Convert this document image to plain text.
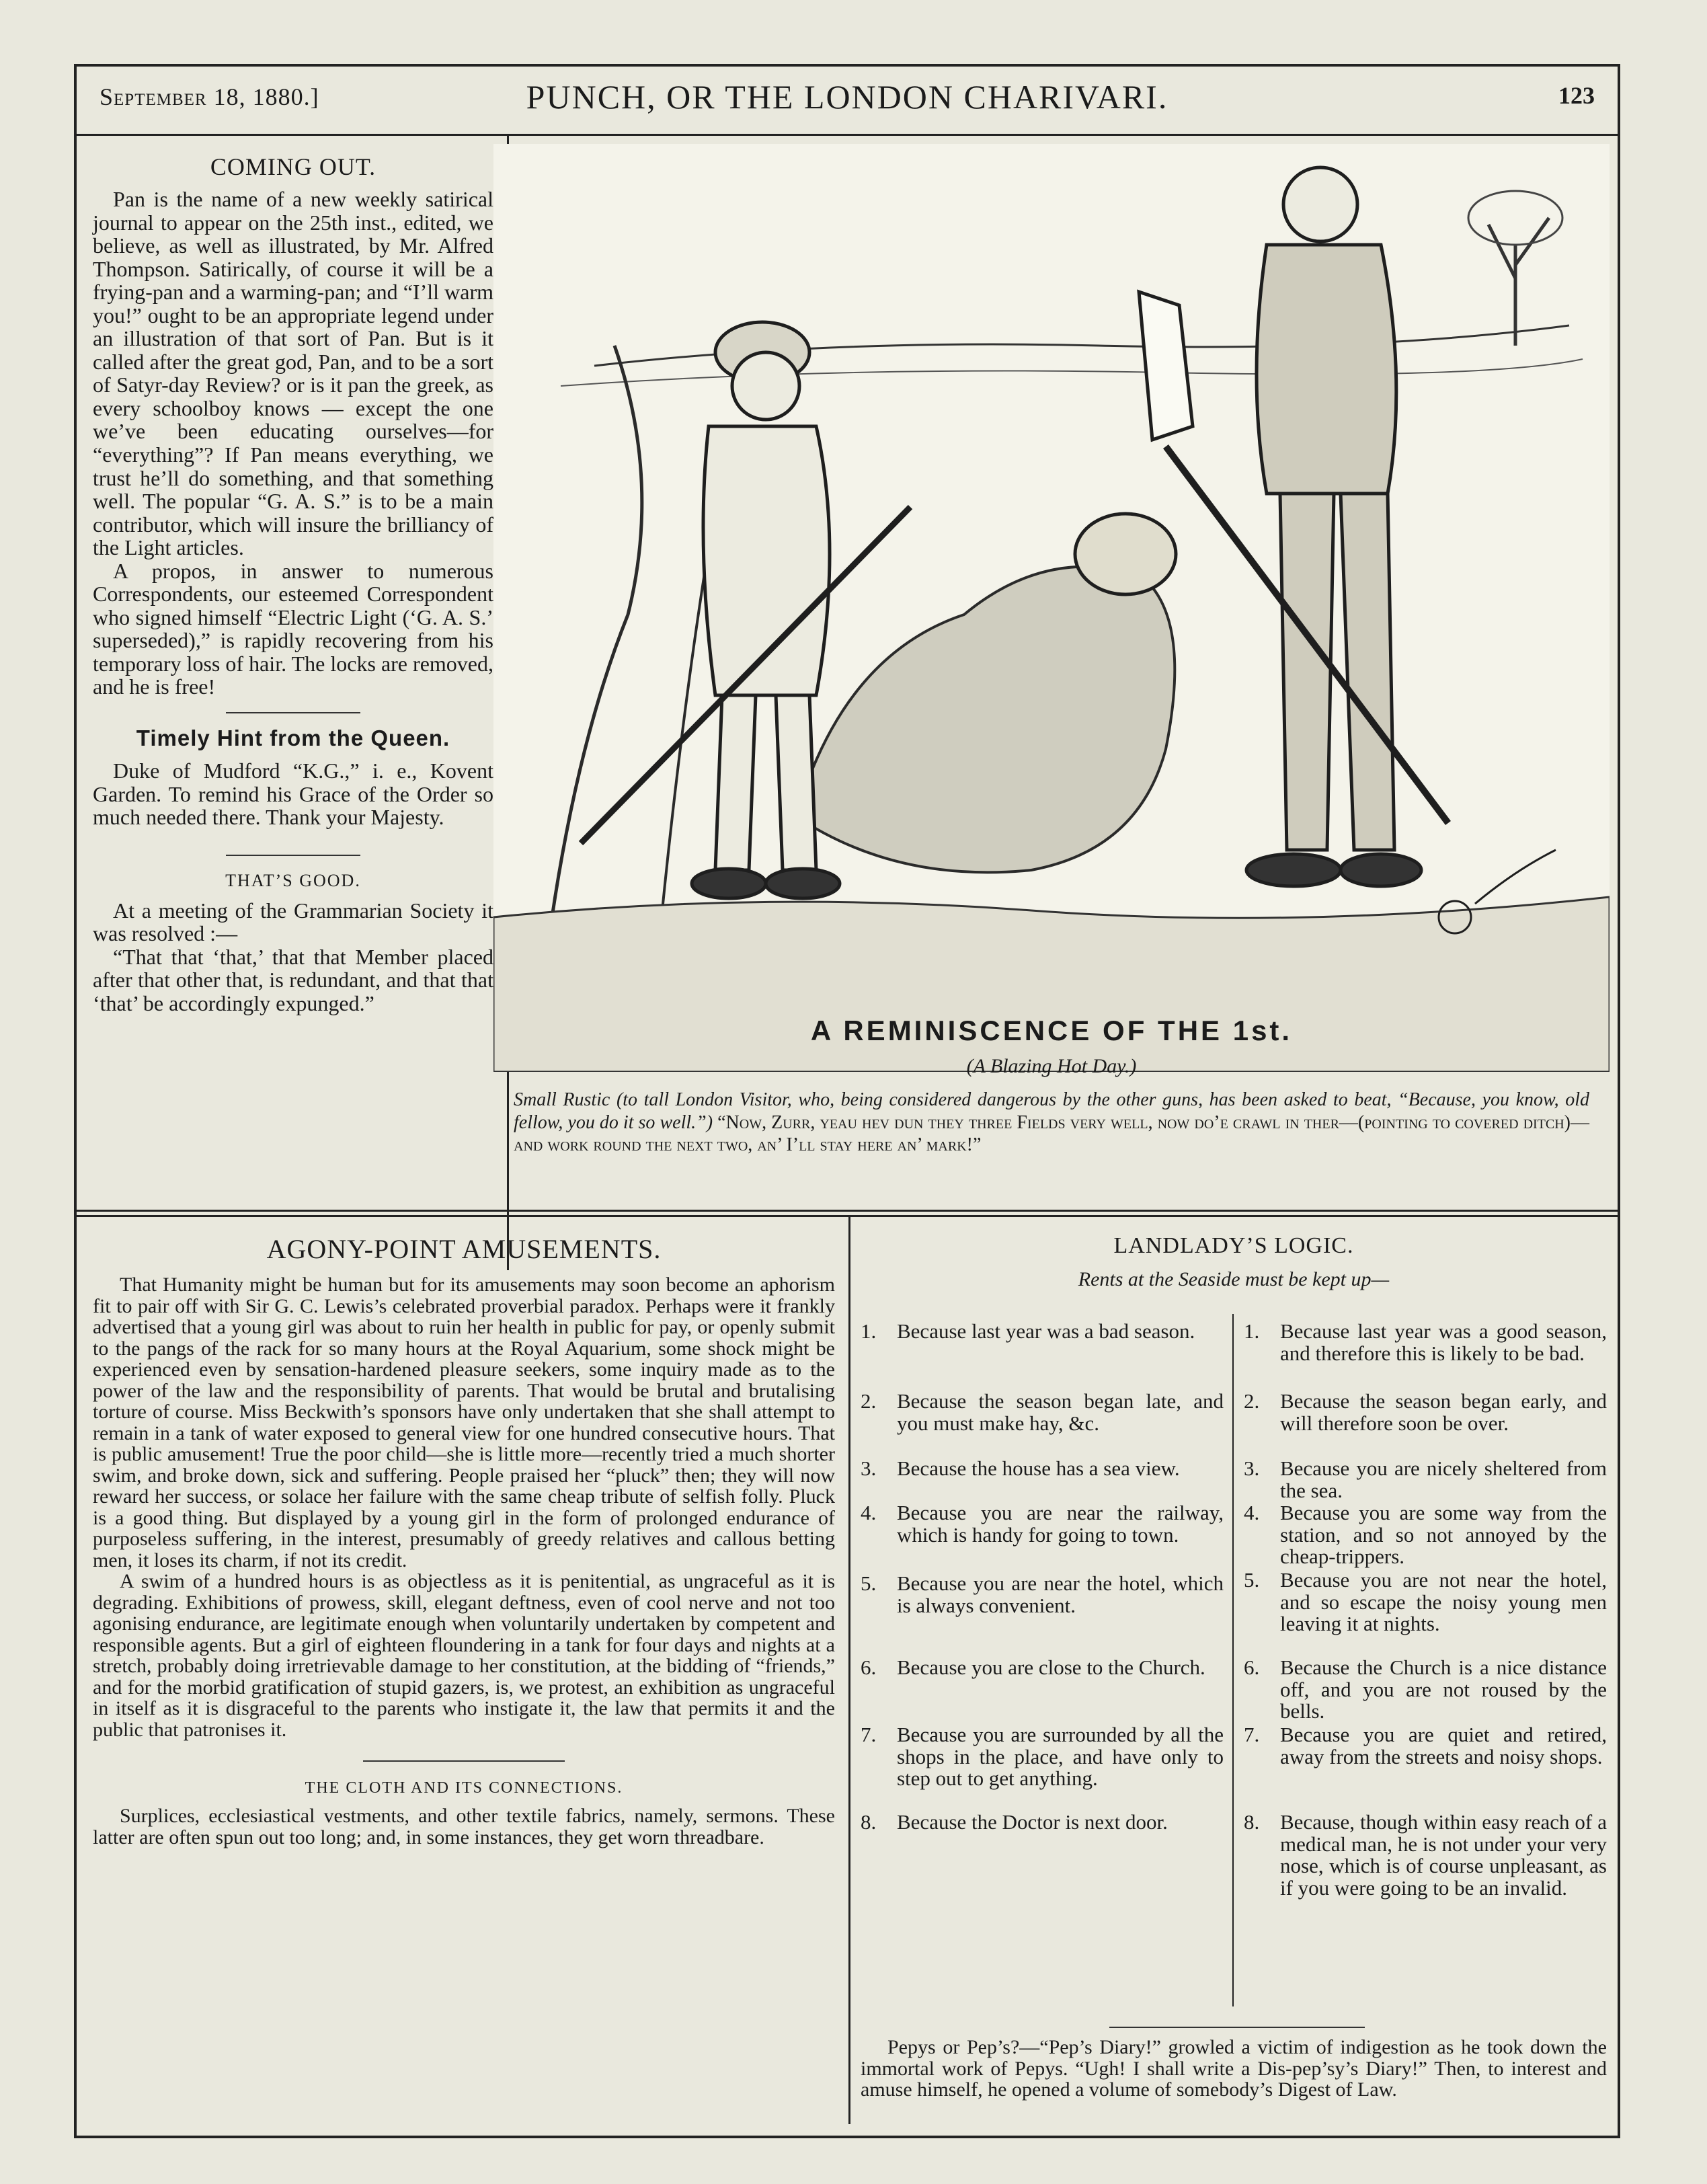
September 18, 1880.]	PUNCH, OR THE LONDON CHARIVARI.	123
COMING OUT.

Pan is the name of a new weekly satirical journal to appear on the 25th inst., edited, we believe, as well as illustrated, by Mr. Alfred Thompson. Satirically, of course it will be a frying-pan and a warming-pan; and “I’ll warm you!” ought to be an appropriate legend under an illustration of that sort of Pan. But is it called after the great god, Pan, and to be a sort of Satyr-day Review? or is it pan the greek, as every schoolboy knows — except the one we’ve been educating ourselves—for “everything”? If Pan means everything, we trust he’ll do something, and that something well. The popular “G. A. S.” is to be a main contributor, which will insure the brilliancy of the Light articles.

A propos, in answer to numerous Correspondents, our esteemed Correspondent who signed himself “Electric Light (‘G. A. S.’ superseded),” is rapidly recovering from his temporary loss of hair. The locks are removed, and he is free!

Timely Hint from the Queen.

Duke of Mudford “K.G.,” i. e., Kovent Garden. To remind his Grace of the Order so much needed there. Thank your Majesty.

THAT’S GOOD.

At a meeting of the Grammarian Society it was resolved :—

“That that ‘that,’ that that Member placed after that other that, is redundant, and that that ‘that’ be accordingly expunged.”

A REMINISCENCE OF THE 1st.
(A Blazing Hot Day.)
Small Rustic (to tall London Visitor, who, being considered dangerous by the other guns, has been asked to beat, “Because, you know, old fellow, you do it so well.”) “Now, Zurr, yeau hev dun they three Fields very well, now do’e crawl in ther—(pointing to covered ditch)—and work round the next two, an’ I’ll stay here an’ mark!”
AGONY-POINT AMUSEMENTS.

That Humanity might be human but for its amusements may soon become an aphorism fit to pair off with Sir G. C. Lewis’s celebrated proverbial paradox. Perhaps were it frankly advertised that a young girl was about to ruin her health in public for pay, or openly submit to the pangs of the rack for so many hours at the Royal Aquarium, some shock might be experienced even by sensation-hardened pleasure seekers, some inquiry made as to the power of the law and the responsibility of parents. That would be brutal and brutalising torture of course. Miss Beckwith’s sponsors have only undertaken that she shall attempt to remain in a tank of water exposed to general view for one hundred consecutive hours. That is public amusement! True the poor child—she is little more—recently tried a much shorter swim, and broke down, sick and suffering. People praised her “pluck” then; they will now reward her success, or solace her failure with the same cheap tribute of selfish folly. Pluck is a good thing. But displayed by a young girl in the form of prolonged endurance of purposeless suffering, in the interest, presumably of greedy relatives and callous betting men, it loses its charm, if not its credit.

A swim of a hundred hours is as objectless as it is penitential, as ungraceful as it is degrading. Exhibitions of prowess, skill, elegant deftness, even of cool nerve and not too agonising endurance, are legitimate enough when voluntarily undertaken by competent and responsible agents. But a girl of eighteen floundering in a tank for four days and nights at a stretch, probably doing irretrievable damage to her constitution, at the bidding of “friends,” and for the morbid gratification of stupid gazers, is, we protest, an exhibition as ungraceful in itself as it is disgraceful to the parents who instigate it, the law that permits it and the public that patronises it.

THE CLOTH AND ITS CONNECTIONS.

Surplices, ecclesiastical vestments, and other textile fabrics, namely, sermons. These latter are often spun out too long; and, in some instances, they get worn threadbare.

LANDLADY’S LOGIC.
Rents at the Seaside must be kept up—
1. Because last year was a bad season.
2. Because the season began late, and you must make hay, &c.
3. Because the house has a sea view.
4. Because you are near the railway, which is handy for going to town.
5. Because you are near the hotel, which is always convenient.
6. Because you are close to the Church.
7. Because you are surrounded by all the shops in the place, and have only to step out to get anything.
8. Because the Doctor is next door.
1. Because last year was a good season, and therefore this is likely to be bad.
2. Because the season began early, and will therefore soon be over.
3. Because you are nicely sheltered from the sea.
4. Because you are some way from the station, and so not annoyed by the cheap-trippers.
5. Because you are not near the hotel, and so escape the noisy young men leaving it at nights.
6. Because the Church is a nice distance off, and you are not roused by the bells.
7. Because you are quiet and retired, away from the streets and noisy shops.
8. Because, though within easy reach of a medical man, he is not under your very nose, which is of course unpleasant, as if you were going to be an invalid.

Pepys or Pep’s?—“Pep’s Diary!” growled a victim of indigestion as he took down the immortal work of Pepys. “Ugh! I shall write a Dis-pep’sy’s Diary!” Then, to interest and amuse himself, he opened a volume of somebody’s Digest of Law.
